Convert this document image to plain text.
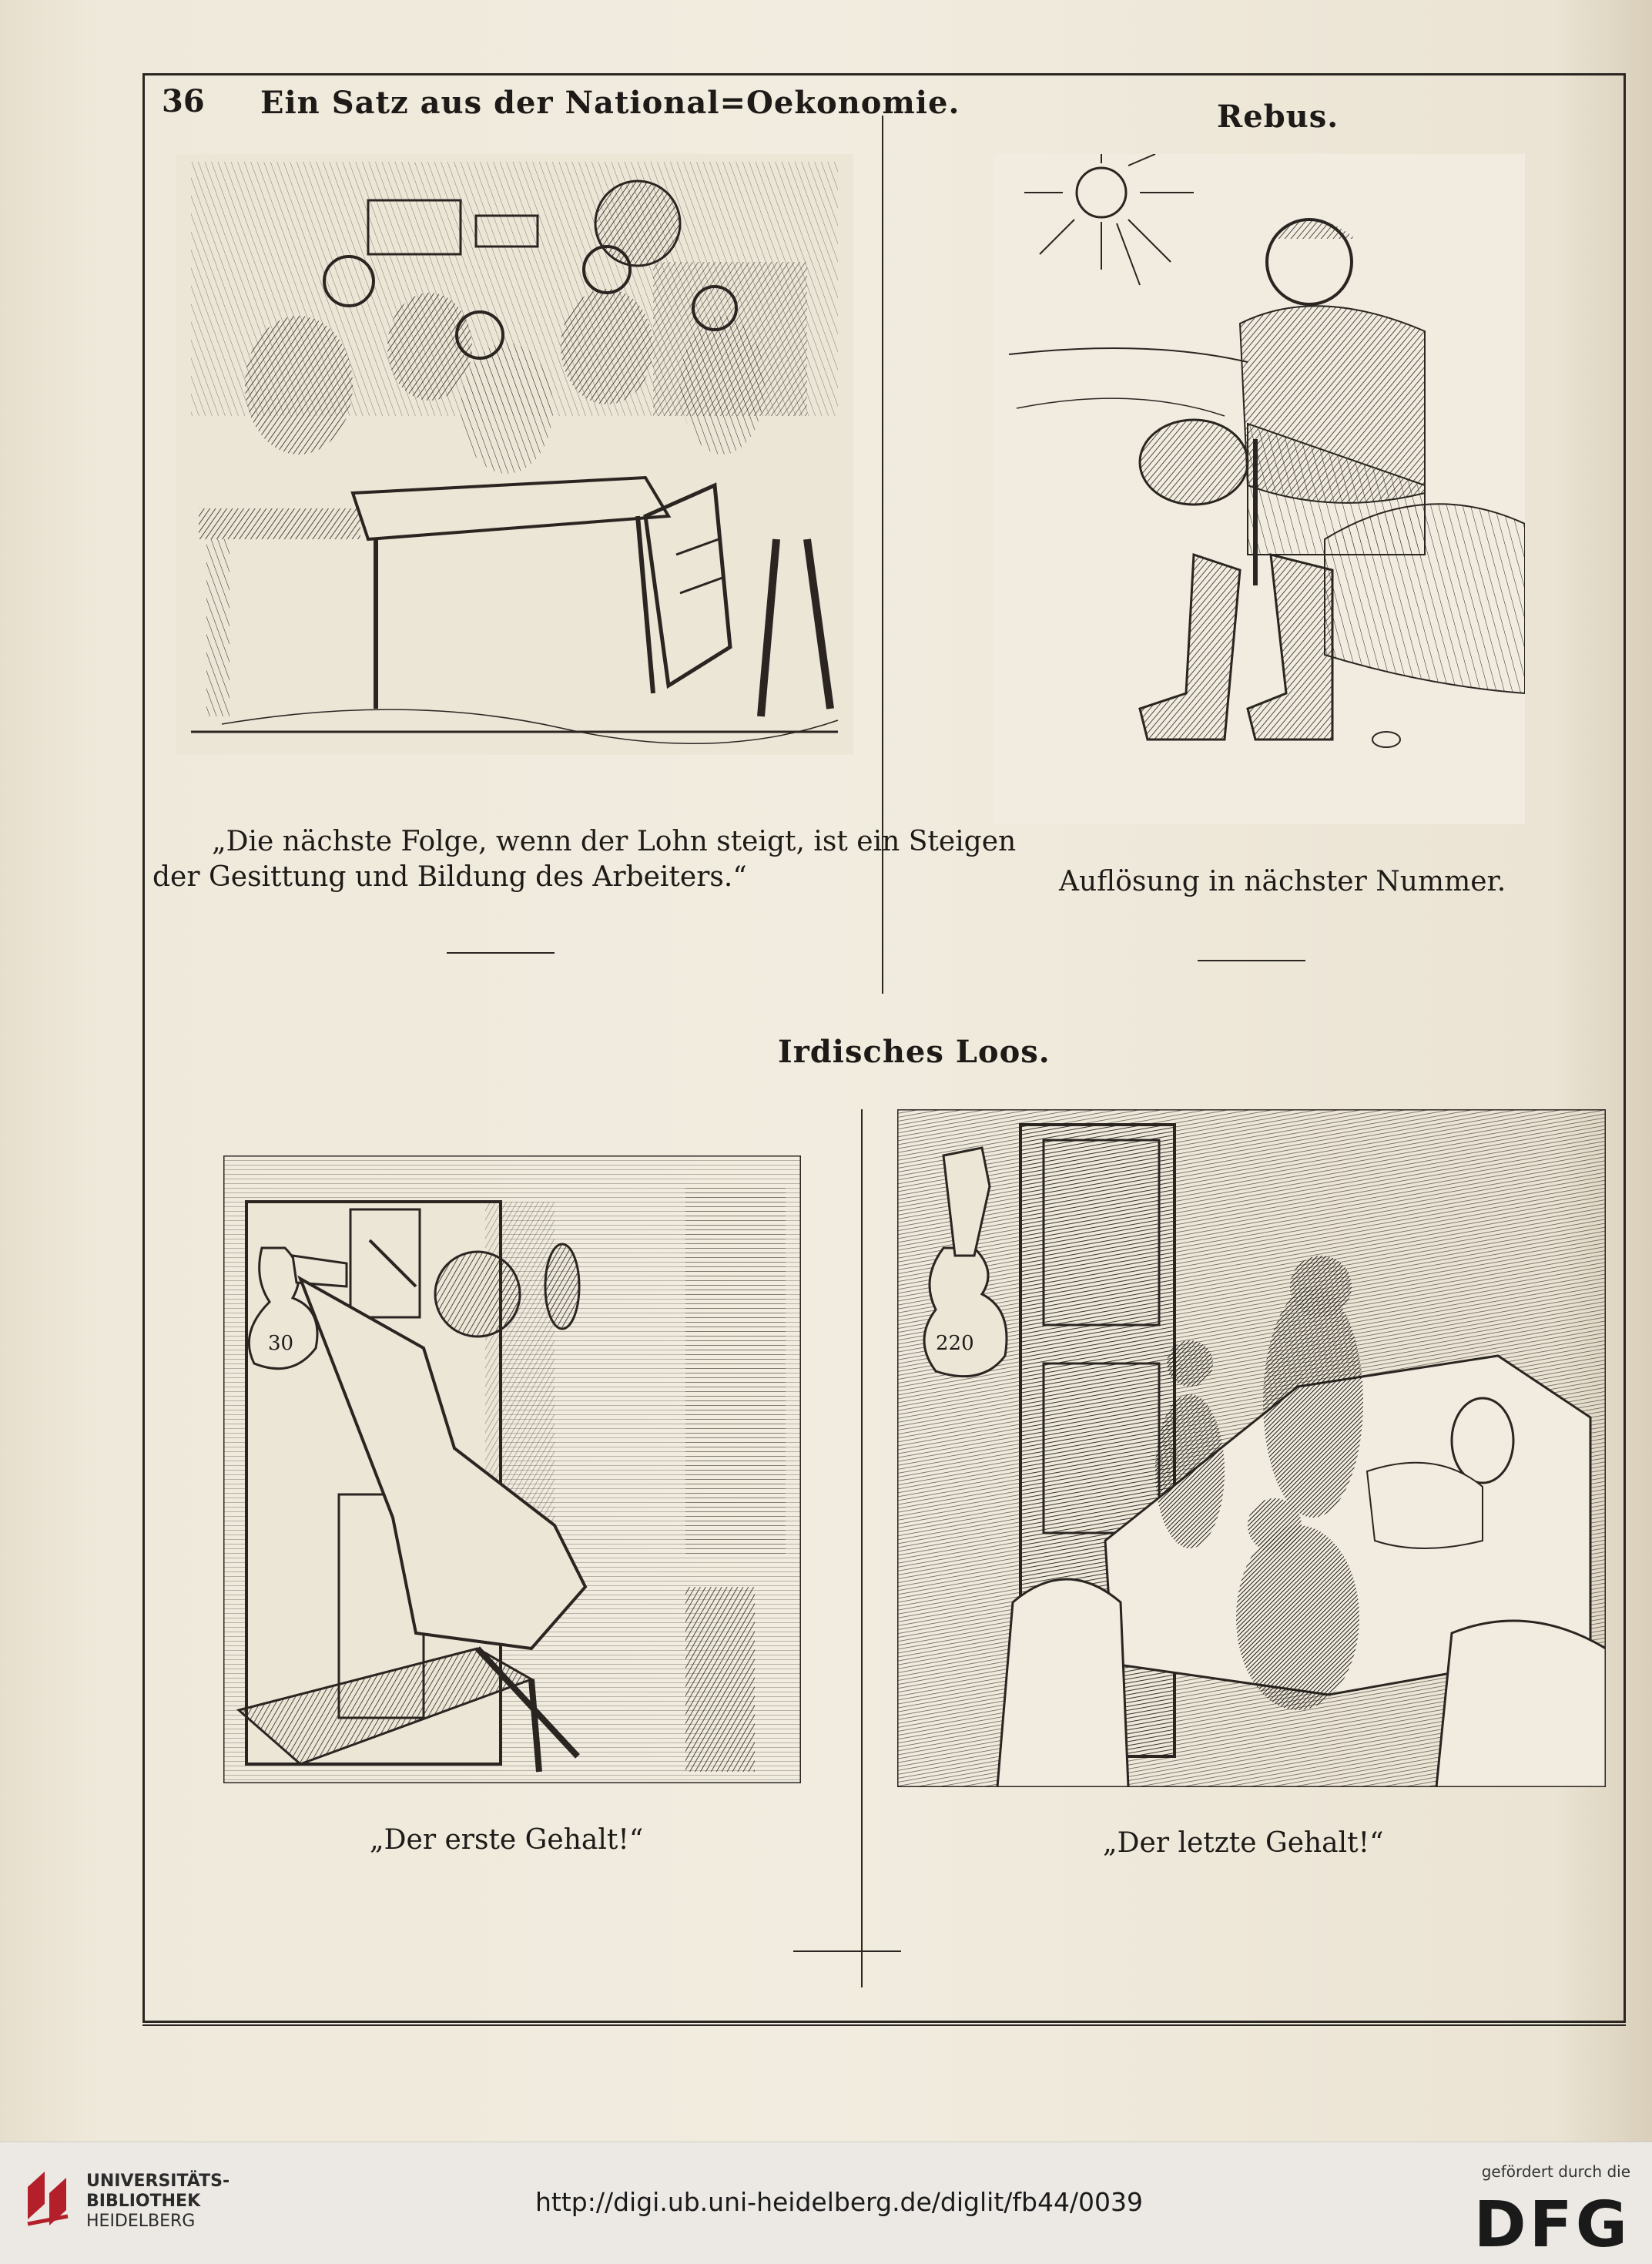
36 Ein Satz aus der National=Oekonomie.
„Die nächste Folge, wenn der Lohn steigt, ist ein Steigen
der Gesittung und Bildung des Arbeiters.“
Rebus.
Auflösung in nächster Nummer.
Irdisches Loos.
30
„Der erste Gehalt!“
220
„Der letzte Gehalt!“
UNIVERSITÄTS-
BIBLIOTHEK
HEIDELBERG
http://digi.ub.uni-heidelberg.de/diglit/fb44/0039
gefördert durch die
DFG
